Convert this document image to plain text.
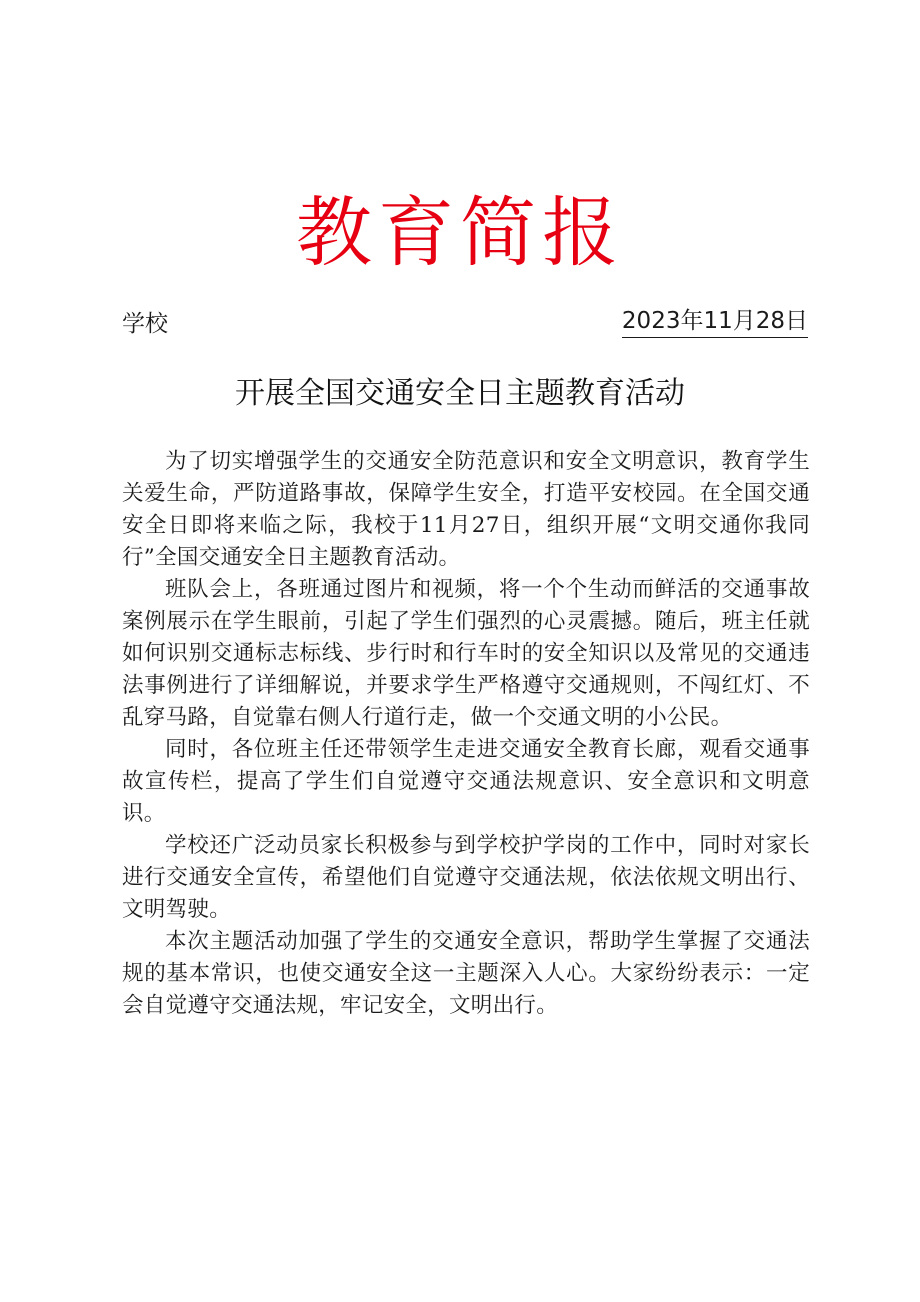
教育简报
学校	2023年11月28日
开展全国交通安全日主题教育活动

为了切实增强学生的交通安全防范意识和安全文明意识，教育学生关爱生命，严防道路事故，保障学生安全，打造平安校园。在全国交通安全日即将来临之际，我校于11月27日，组织开展“文明交通你我同行”全国交通安全日主题教育活动。

班队会上，各班通过图片和视频，将一个个生动而鲜活的交通事故案例展示在学生眼前，引起了学生们强烈的心灵震撼。随后，班主任就如何识别交通标志标线、步行时和行车时的安全知识以及常见的交通违法事例进行了详细解说，并要求学生严格遵守交通规则，不闯红灯、不乱穿马路，自觉靠右侧人行道行走，做一个交通文明的小公民。

同时，各位班主任还带领学生走进交通安全教育长廊，观看交通事故宣传栏，提高了学生们自觉遵守交通法规意识、安全意识和文明意识。

学校还广泛动员家长积极参与到学校护学岗的工作中，同时对家长进行交通安全宣传，希望他们自觉遵守交通法规，依法依规文明出行、文明驾驶。

本次主题活动加强了学生的交通安全意识，帮助学生掌握了交通法规的基本常识，也使交通安全这一主题深入人心。大家纷纷表示：一定会自觉遵守交通法规，牢记安全，文明出行。
